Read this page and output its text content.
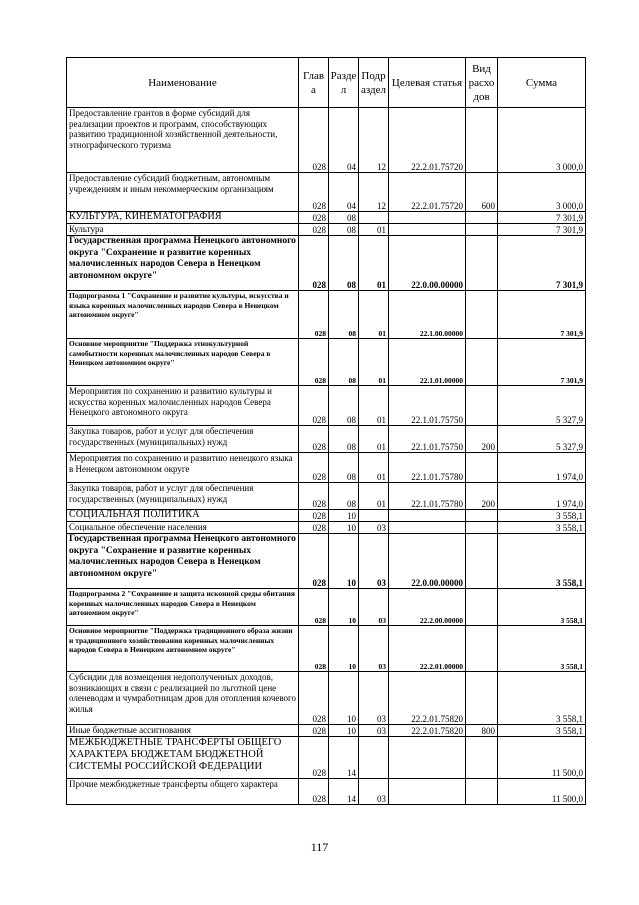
Наименование	Глав а	Разде л	Подр аздел	Целевая статья	Вид расхо дов	Сумма
Предоставление грантов в форме субсидий для реализации проектов и программ, способствующих развитию традиционной хозяйственной деятельности, этнографического туризма	028	04	12	22.2.01.75720		3 000,0
Предоставление субсидий бюджетным, автономным учреждениям и иным некоммерческим организациям	028	04	12	22.2.01.75720	600	3 000,0
КУЛЬТУРА, КИНЕМАТОГРАФИЯ	028	08				7 301,9
Культура	028	08	01			7 301,9
Государственная программа Ненецкого автономного округа "Сохранение и развитие коренных малочисленных народов Севера в Ненецком автономном округе"	028	08	01	22.0.00.00000		7 301,9
Подпрограмма 1 "Сохранение и развитие культуры, искусства и языка коренных малочисленных народов Севера в Ненецком автономном округе"	028	08	01	22.1.00.00000		7 301,9
Основное мероприятие "Поддержка этнокультурной самобытности коренных малочисленных народов Севера в Ненецком автономном округе"	028	08	01	22.1.01.00000		7 301,9
Мероприятия по сохранению и развитию культуры и искусства коренных малочисленных народов Севера Ненецкого автономного округа	028	08	01	22.1.01.75750		5 327,9
Закупка товаров, работ и услуг для обеспечения государственных (муниципальных) нужд	028	08	01	22.1.01.75750	200	5 327,9
Мероприятия по сохранению и развитию ненецкого языка в Ненецком автономном округе	028	08	01	22.1.01.75780		1 974,0
Закупка товаров, работ и услуг для обеспечения государственных (муниципальных) нужд	028	08	01	22.1.01.75780	200	1 974,0
СОЦИАЛЬНАЯ ПОЛИТИКА	028	10				3 558,1
Социальное обеспечение населения	028	10	03			3 558,1
Государственная программа Ненецкого автономного округа "Сохранение и развитие коренных малочисленных народов Севера в Ненецком автономном округе"	028	10	03	22.0.00.00000		3 558,1
Подпрограмма 2 "Сохранение и защита исконной среды обитания коренных малочисленных народов Севера в Ненецком автономном округе"	028	10	03	22.2.00.00000		3 558,1
Основное мероприятие "Поддержка традиционного образа жизни и традиционного хозяйствования коренных малочисленных народов Севера в Ненецком автономном округе"	028	10	03	22.2.01.00000		3 558,1
Субсидии для возмещения недополученных доходов, возникающих в связи с реализацией по льготной цене оленеводам и чумработницам дров для отопления кочевого жилья	028	10	03	22.2.01.75820		3 558,1
Иные бюджетные ассигнования	028	10	03	22.2.01.75820	800	3 558,1
МЕЖБЮДЖЕТНЫЕ ТРАНСФЕРТЫ ОБЩЕГО ХАРАКТЕРА БЮДЖЕТАМ БЮДЖЕТНОЙ СИСТЕМЫ РОССИЙСКОЙ ФЕДЕРАЦИИ	028	14				11 500,0
Прочие межбюджетные трансферты общего характера	028	14	03			11 500,0
117
